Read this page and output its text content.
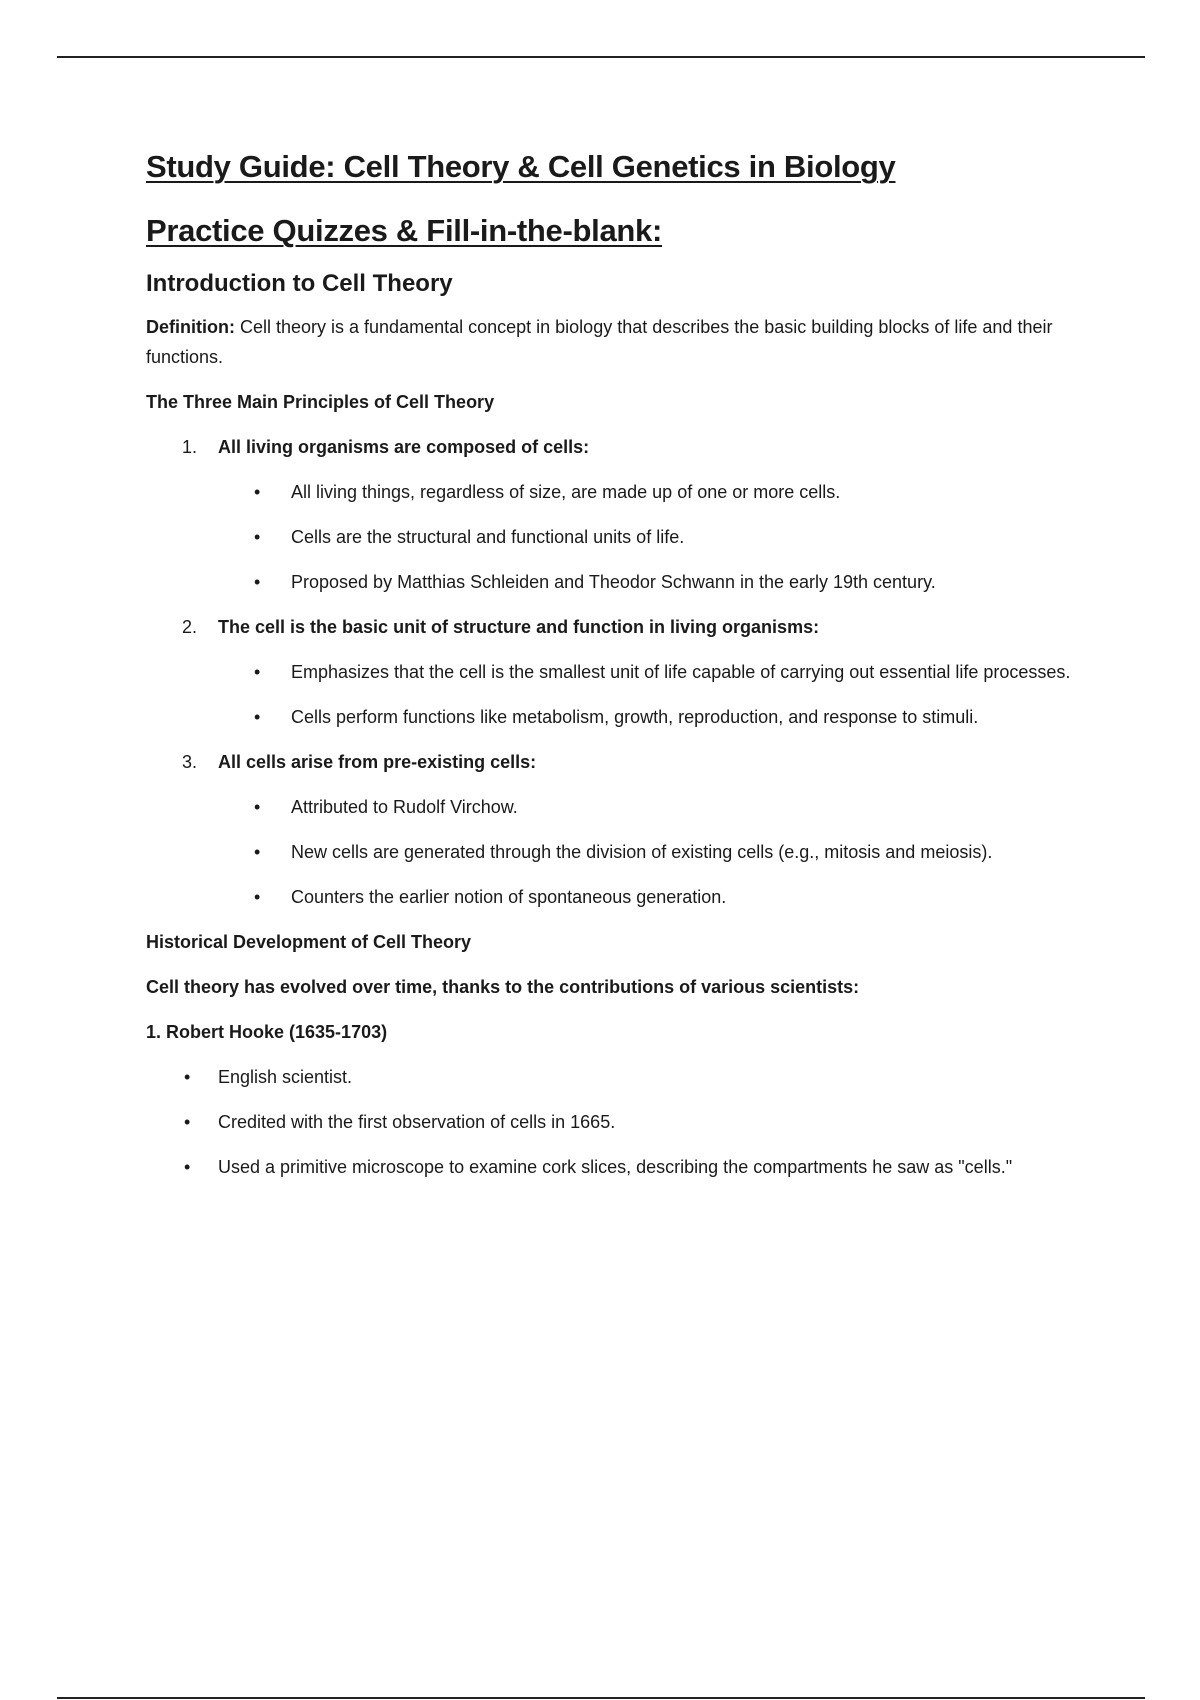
Study Guide: Cell Theory & Cell Genetics in Biology
Practice Quizzes & Fill-in-the-blank:
Introduction to Cell Theory

Definition: Cell theory is a fundamental concept in biology that describes the basic building blocks of life and their functions.

The Three Main Principles of Cell Theory

1. All living organisms are composed of cells:
• All living things, regardless of size, are made up of one or more cells.
• Cells are the structural and functional units of life.
• Proposed by Matthias Schleiden and Theodor Schwann in the early 19th century.
2. The cell is the basic unit of structure and function in living organisms:
• Emphasizes that the cell is the smallest unit of life capable of carrying out essential life processes.
• Cells perform functions like metabolism, growth, reproduction, and response to stimuli.
3. All cells arise from pre-existing cells:
• Attributed to Rudolf Virchow.
• New cells are generated through the division of existing cells (e.g., mitosis and meiosis).
• Counters the earlier notion of spontaneous generation.

Historical Development of Cell Theory

Cell theory has evolved over time, thanks to the contributions of various scientists:

1. Robert Hooke (1635-1703)

• English scientist.
• Credited with the first observation of cells in 1665.
• Used a primitive microscope to examine cork slices, describing the compartments he saw as "cells."
